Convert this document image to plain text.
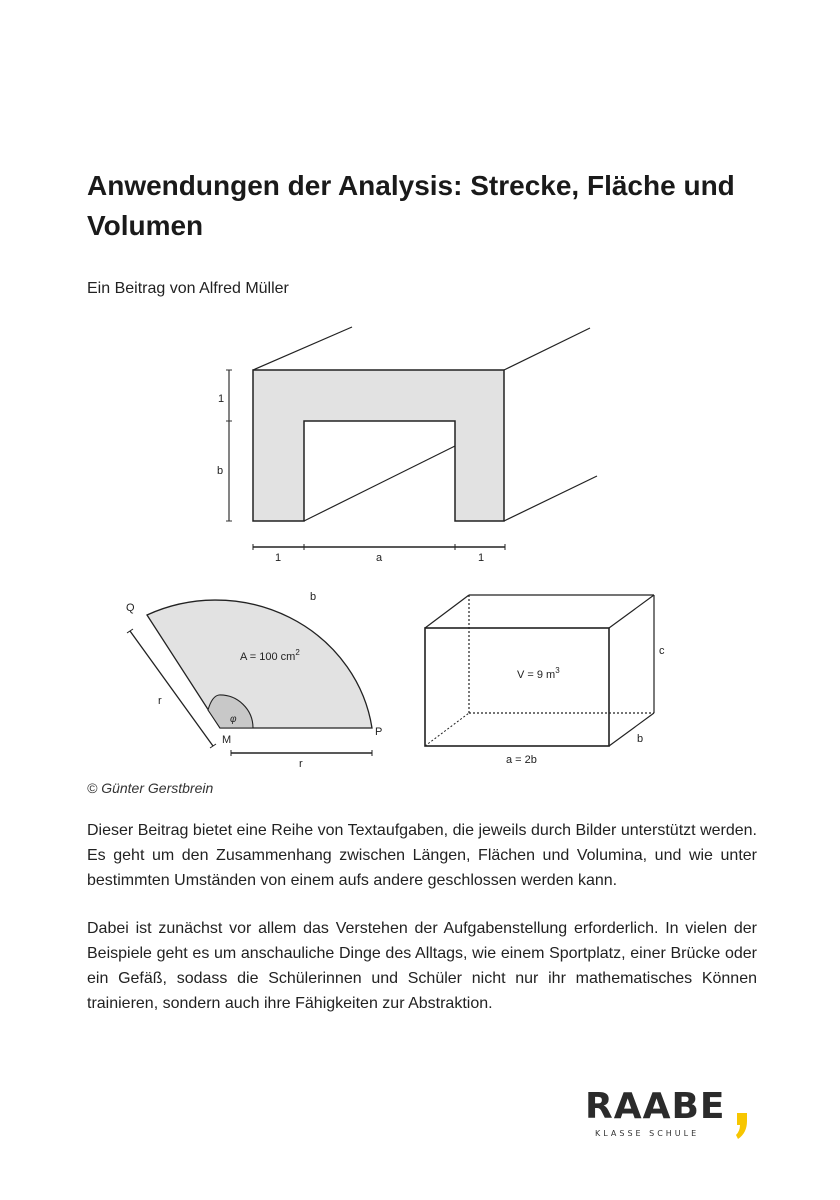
Anwendungen der Analysis: Strecke, Fläche und Volumen

Ein Beitrag von Alfred Müller

1
b
1	a	1
φ
Q
M
P
b
A = 100 $cm^2$
r
r
V = 9 $m^3$
c
b
a = 2b

© Günter Gerstbrein

Dieser Beitrag bietet eine Reihe von Textaufgaben, die jeweils durch Bilder unterstützt werden. Es geht um den Zusammenhang zwischen Längen, Flächen und Volumina, und wie unter bestimmten Umständen von einem aufs andere geschlossen werden kann.

Dabei ist zunächst vor allem das Verstehen der Aufgabenstellung erforderlich. In vielen der Beispiele geht es um anschauliche Dinge des Alltags, wie einem Sportplatz, einer Brücke oder ein Gefäß, sodass die Schülerinnen und Schüler nicht nur ihr mathematisches Können trainieren, sondern auch ihre Fähigkeiten zur Abstraktion.

RAABE
KLASSE SCHULE
